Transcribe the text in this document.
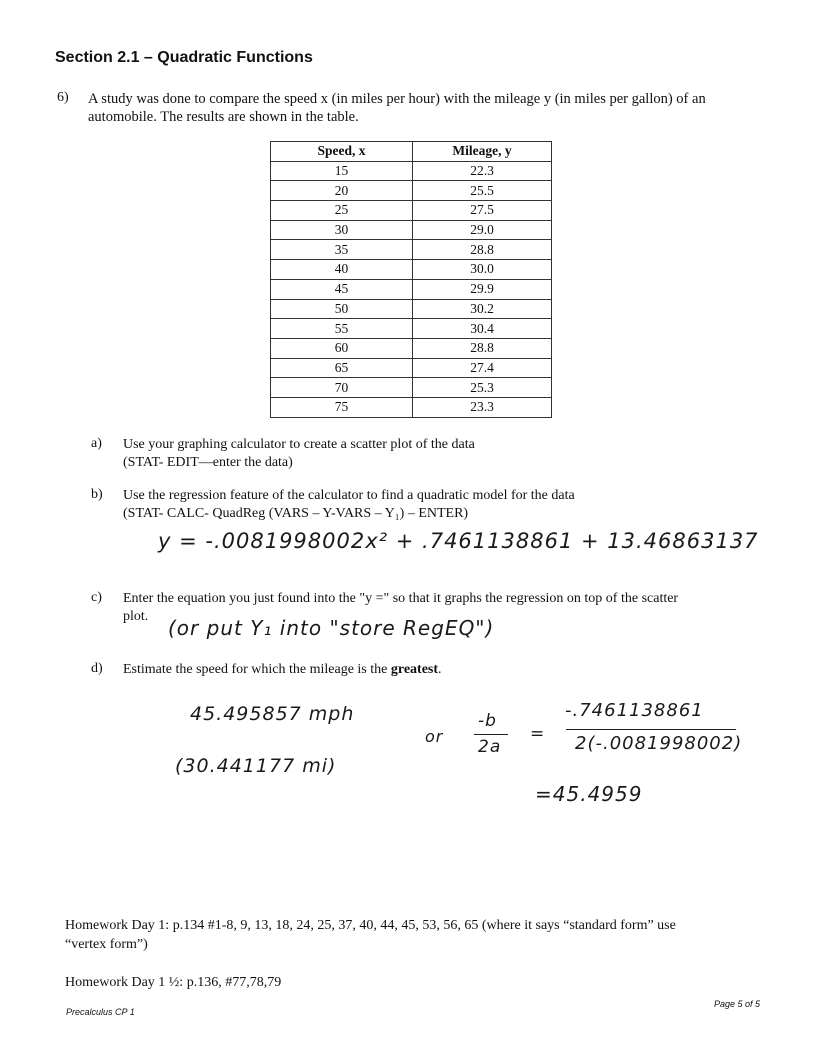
Section 2.1 – Quadratic Functions
6) A study was done to compare the speed x (in miles per hour) with the mileage y (in miles per gallon) of an automobile. The results are shown in the table.
Speed, x	Mileage, y
15	22.3
20	25.5
25	27.5
30	29.0
35	28.8
40	30.0
45	29.9
50	30.2
55	30.4
60	28.8
65	27.4
70	25.3
75	23.3
a) Use your graphing calculator to create a scatter plot of the data
(STAT- EDIT—enter the data)
b) Use the regression feature of the calculator to find a quadratic model for the data
(STAT- CALC- QuadReg (VARS – Y-VARS – Y₁) – ENTER)
y = -.0081998002x² + .7461138861 + 13.46863137
c) Enter the equation you just found into the "y =" so that it graphs the regression on top of the scatter
plot. (or put Y₁ into "store RegEQ")
d) Estimate the speed for which the mileage is the greatest.
45.495857 mph
(30.441177 mi)
or
-b
2a
=
-.7461138861
2(-.0081998002)
=45.4959
Homework Day 1: p.134 #1-8, 9, 13, 18, 24, 25, 37, 40, 44, 45, 53, 56, 65 (where it says “standard form” use
“vertex form”)
Homework Day 1 ½: p.136, #77,78,79
Precalculus CP 1
Page 5 of 5
